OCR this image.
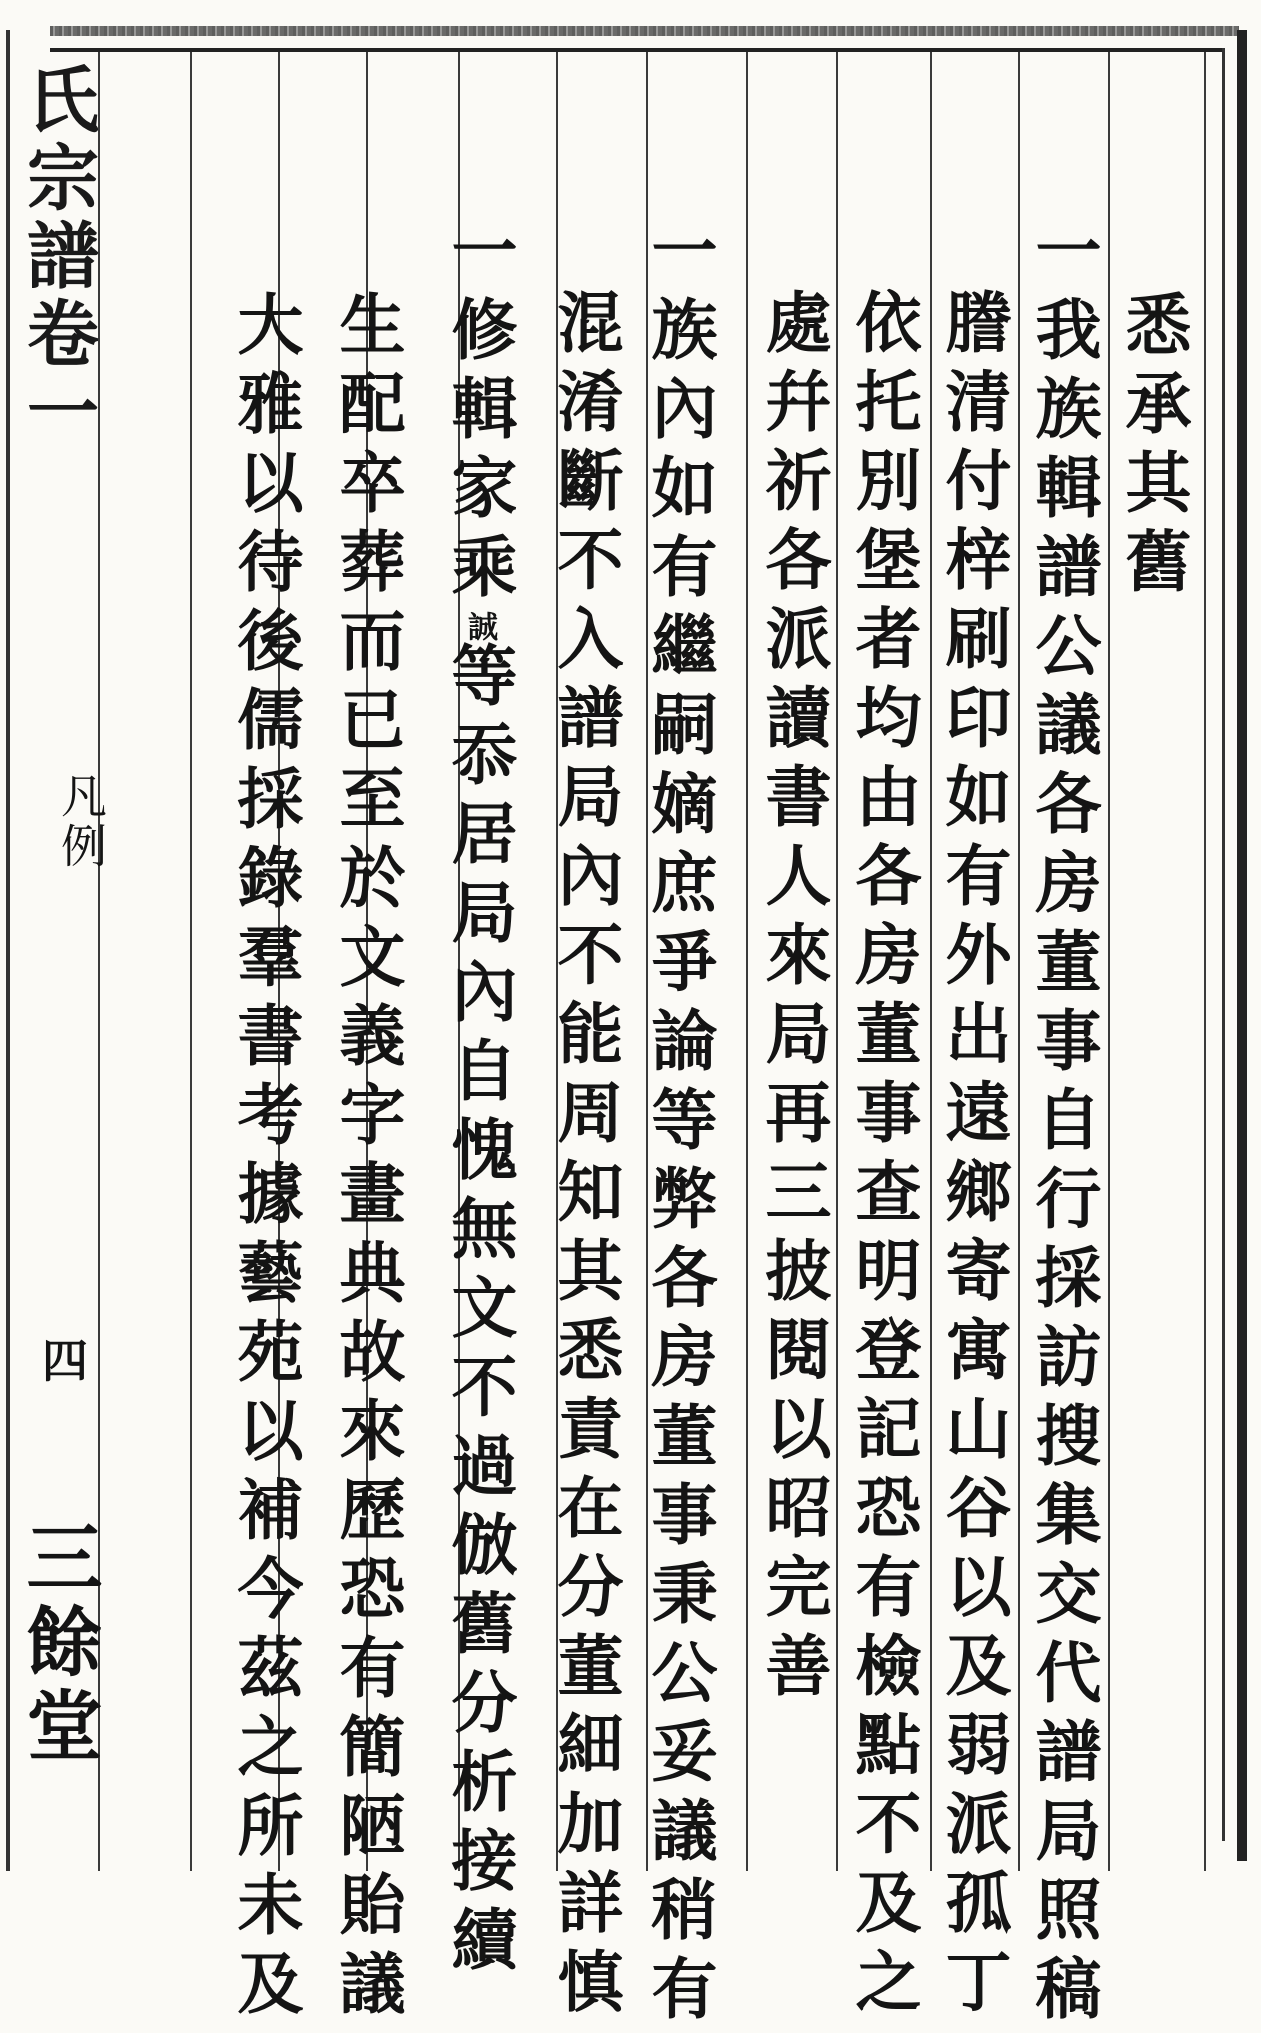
氏宗譜卷一
凡例
四
三餘堂
悉承其舊
一我族輯譜公議各房董事自行採訪搜集交代譜局照稿
謄清付梓刷印如有外出遠鄉寄寓山谷以及弱派孤丁
依托別堡者均由各房董事查明登記恐有檢點不及之
處幷祈各派讀書人來局再三披閱以昭完善
一族內如有繼嗣嫡庶爭論等弊各房董事秉公妥議稍有
混淆斷不入譜局內不能周知其悉責在分董細加詳慎
一修輯家乘誠等忝居局內自愧無文不過倣舊分析接續
生配卒葬而已至於文義字畫典故來歷恐有簡陋貽議
大雅以待後儒採錄羣書考據藝苑以補今茲之所未及
